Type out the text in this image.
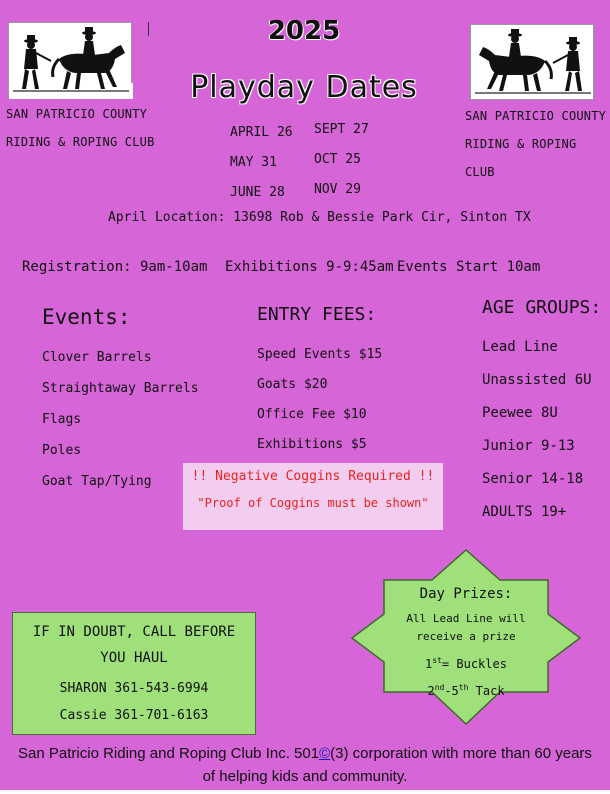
SAN PATRICIO COUNTY
RIDING & ROPING CLUB
SAN PATRICIO COUNTY
RIDING & ROPING CLUB
2025
Playday Dates
APRIL 26
MAY 31
JUNE 28
SEPT 27
OCT 25
NOV 29
April Location: 13698 Rob & Bessie Park Cir, Sinton TX
Registration: 9am-10am Exhibitions 9-9:45am Events Start 10am
Events:
Clover Barrels
Straightaway Barrels
Flags
Poles
Goat Tap/Tying
ENTRY FEES:
Speed Events $15
Goats $20
Office Fee $10
Exhibitions $5
AGE GROUPS:
Lead Line
Unassisted 6U
Peewee 8U
Junior 9-13
Senior 14-18
ADULTS 19+
!! Negative Coggins Required !!
"Proof of Coggins must be shown"
IF IN DOUBT, CALL BEFORE YOU HAUL
SHARON 361-543-6994
Cassie 361-701-6163
Day Prizes:
All Lead Line will receive a prize
1st= Buckles
2nd-5th Tack
San Patricio Riding and Roping Club Inc. 501©(3) corporation with more than 60 years of helping kids and community.
